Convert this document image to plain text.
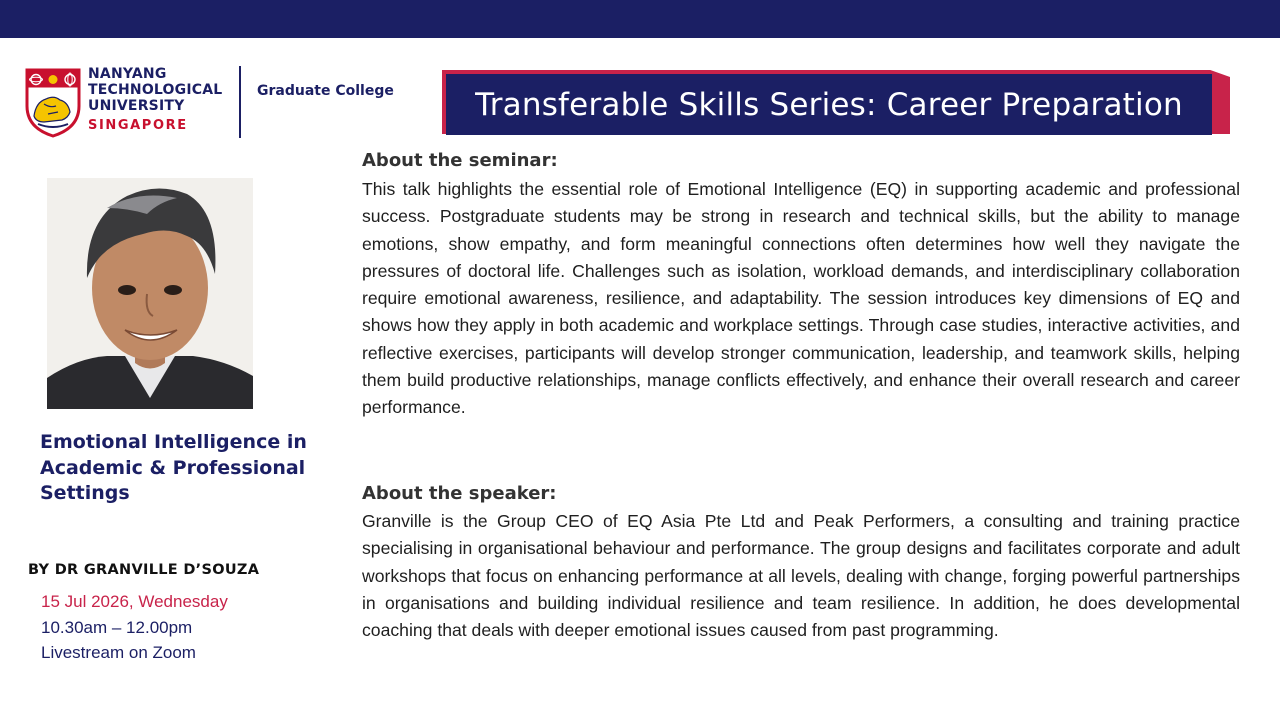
NANYANG
TECHNOLOGICAL
UNIVERSITY
SINGAPORE
Graduate College	Transferable Skills Series: Career Preparation
Emotional Intelligence in Academic & Professional Settings
BY DR GRANVILLE D’SOUZA
15 Jul 2026, Wednesday
10.30am – 12.00pm
Livestream on Zoom
About the seminar:
This talk highlights the essential role of Emotional Intelligence (EQ) in supporting academic and professional success. Postgraduate students may be strong in research and technical skills, but the ability to manage emotions, show empathy, and form meaningful connections often determines how well they navigate the pressures of doctoral life. Challenges such as isolation, workload demands, and interdisciplinary collaboration require emotional awareness, resilience, and adaptability. The session introduces key dimensions of EQ and shows how they apply in both academic and workplace settings. Through case studies, interactive activities, and reflective exercises, participants will develop stronger communication, leadership, and teamwork skills, helping them build productive relationships, manage conflicts effectively, and enhance their overall research and career performance.
About the speaker:
Granville is the Group CEO of EQ Asia Pte Ltd and Peak Performers, a consulting and training practice specialising in organisational behaviour and performance. The group designs and facilitates corporate and adult workshops that focus on enhancing performance at all levels, dealing with change, forging powerful partnerships in organisations and building individual resilience and team resilience. In addition, he does developmental coaching that deals with deeper emotional issues caused from past programming.
